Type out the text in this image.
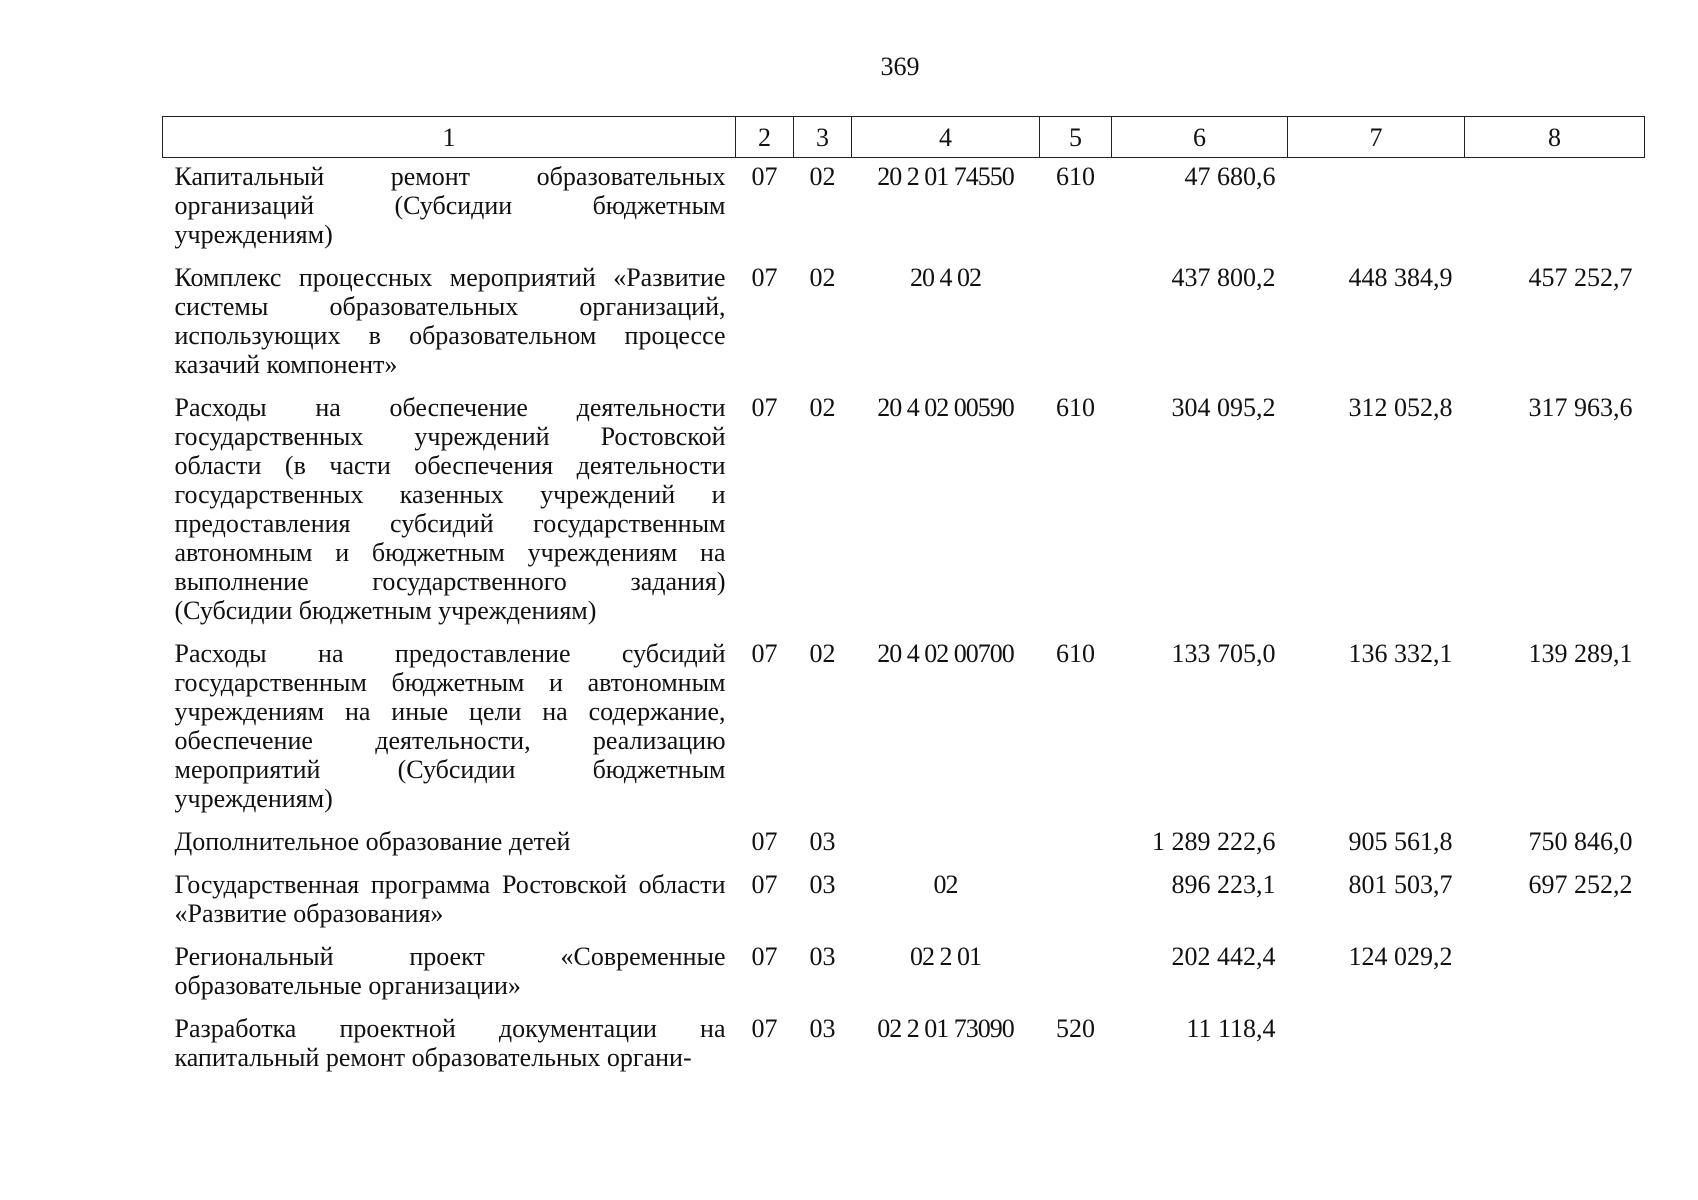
369
1	2	3	4	5	6	7	8
Капитальный ремонт образовательных организаций (Субсидии бюджетным учреждениям)	07	02	20 2 01 74550	610	47 680,6		
Комплекс процессных мероприятий «Развитие системы образовательных организаций, использующих в образовательном процессе казачий компонент»	07	02	20 4 02		437 800,2	448 384,9	457 252,7
Расходы на обеспечение деятельности государственных учреждений Ростовской области (в части обеспечения деятельности государственных казенных учреждений и предоставления субсидий государственным автономным и бюджетным учреждениям на выполнение государственного задания) (Субсидии бюджетным учреждениям)	07	02	20 4 02 00590	610	304 095,2	312 052,8	317 963,6
Расходы на предоставление субсидий государственным бюджетным и автономным учреждениям на иные цели на содержание, обеспечение деятельности, реализацию мероприятий (Субсидии бюджетным учреждениям)	07	02	20 4 02 00700	610	133 705,0	136 332,1	139 289,1
Дополнительное образование детей	07	03			1 289 222,6	905 561,8	750 846,0
Государственная программа Ростовской области «Развитие образования»	07	03	02		896 223,1	801 503,7	697 252,2
Региональный проект «Современные образовательные организации»	07	03	02 2 01		202 442,4	124 029,2	
Разработка проектной документации на капитальный ремонт образовательных органи-	07	03	02 2 01 73090	520	11 118,4		
